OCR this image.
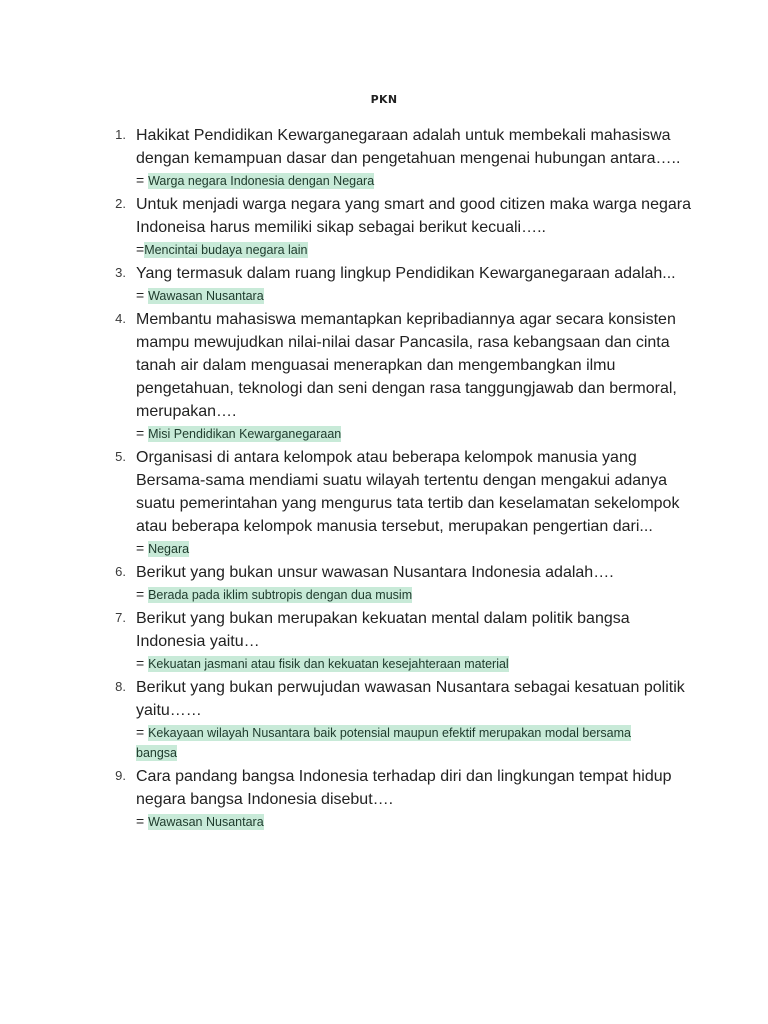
PKN
1. Hakikat Pendidikan Kewarganegaraan adalah untuk membekali mahasiswa dengan kemampuan dasar dan pengetahuan mengenai hubungan antara…..
= Warga negara Indonesia dengan Negara
2. Untuk menjadi warga negara yang smart and good citizen maka warga negara Indoneisa harus memiliki sikap sebagai berikut kecuali…..
=Mencintai budaya negara lain
3. Yang termasuk dalam ruang lingkup Pendidikan Kewarganegaraan adalah...
= Wawasan Nusantara
4. Membantu mahasiswa memantapkan kepribadiannya agar secara konsisten mampu mewujudkan nilai-nilai dasar Pancasila, rasa kebangsaan dan cinta tanah air dalam menguasai menerapkan dan mengembangkan ilmu pengetahuan, teknologi dan seni dengan rasa tanggungjawab dan bermoral, merupakan….
= Misi Pendidikan Kewarganegaraan
5. Organisasi di antara kelompok atau beberapa kelompok manusia yang Bersama-sama mendiami suatu wilayah tertentu dengan mengakui adanya suatu pemerintahan yang mengurus tata tertib dan keselamatan sekelompok atau beberapa kelompok manusia tersebut, merupakan pengertian dari...
= Negara
6. Berikut yang bukan unsur wawasan Nusantara Indonesia adalah….
= Berada pada iklim subtropis dengan dua musim
7. Berikut yang bukan merupakan kekuatan mental dalam politik bangsa Indonesia yaitu…
= Kekuatan jasmani atau fisik dan kekuatan kesejahteraan material
8. Berikut yang bukan perwujudan wawasan Nusantara sebagai kesatuan politik yaitu……
= Kekayaan wilayah Nusantara baik potensial maupun efektif merupakan modal bersama bangsa
9. Cara pandang bangsa Indonesia terhadap diri dan lingkungan tempat hidup negara bangsa Indonesia disebut….
= Wawasan Nusantara
